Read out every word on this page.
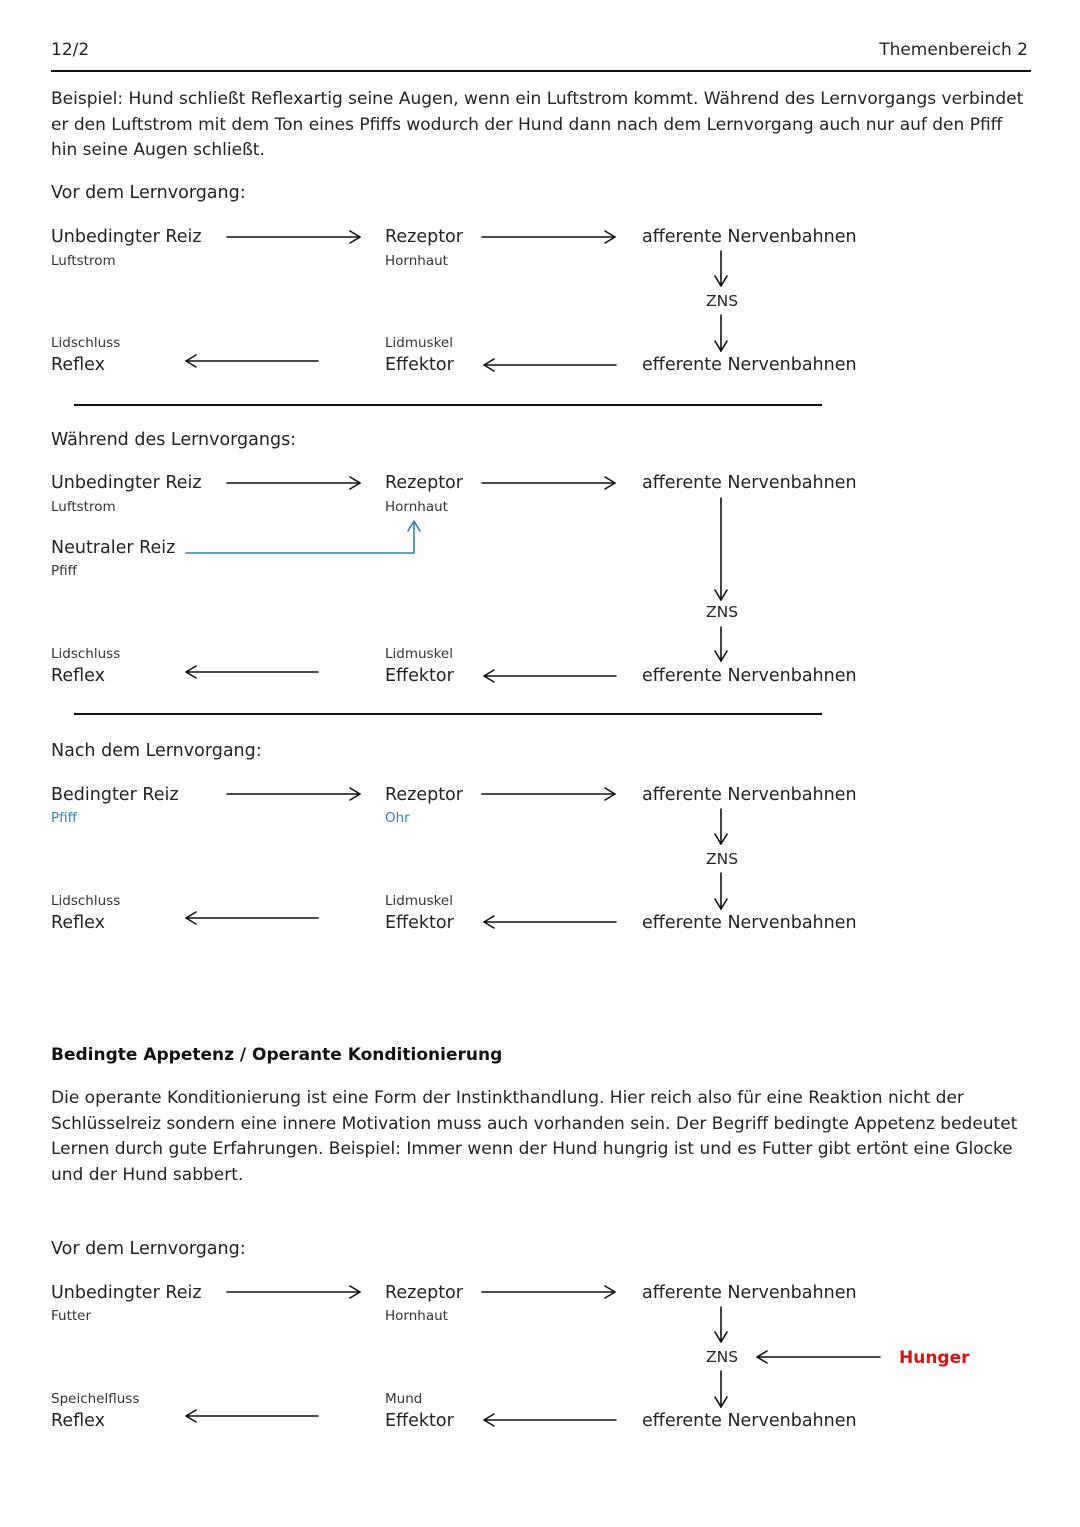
12/2	Themenbereich 2
Beispiel: Hund schließt Reflexartig seine Augen, wenn ein Luftstrom kommt. Während des Lernvorgangs verbindet er den Luftstrom mit dem Ton eines Pfiffs wodurch der Hund dann nach dem Lernvorgang auch nur auf den Pfiff hin seine Augen schließt.
Vor dem Lernvorgang:
Unbedingter Reiz
Luftstrom
Rezeptor
Hornhaut
afferente Nervenbahnen
ZNS
Lidschluss
Reflex
Lidmuskel
Effektor	efferente Nervenbahnen
Während des Lernvorgangs:
Unbedingter Reiz
Luftstrom
Neutraler Reiz
Pfiff
Rezeptor
Hornhaut
afferente Nervenbahnen
ZNS
Lidschluss
Reflex
Lidmuskel
Effektor	efferente Nervenbahnen
Nach dem Lernvorgang:
Bedingter Reiz
Pfiff
Rezeptor
Ohr
afferente Nervenbahnen
ZNS
Lidschluss
Reflex
Lidmuskel
Effektor	efferente Nervenbahnen
Bedingte Appetenz / Operante Konditionierung
Die operante Konditionierung ist eine Form der Instinkthandlung. Hier reich also für eine Reaktion nicht der Schlüsselreiz sondern eine innere Motivation muss auch vorhanden sein. Der Begriff bedingte Appetenz bedeutet Lernen durch gute Erfahrungen. Beispiel: Immer wenn der Hund hungrig ist und es Futter gibt ertönt eine Glocke und der Hund sabbert.
Vor dem Lernvorgang:
Unbedingter Reiz
Futter
Rezeptor
Hornhaut
afferente Nervenbahnen
ZNS	Hunger
Speichelfluss
Reflex
Mund
Effektor	efferente Nervenbahnen
